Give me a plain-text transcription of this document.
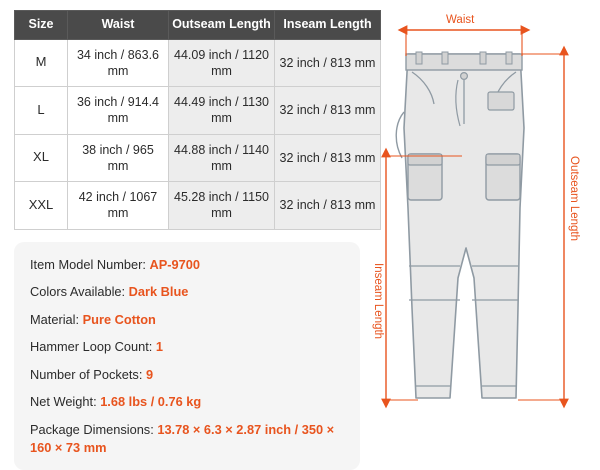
Size	Waist	Outseam Length	Inseam Length
M	34 inch / 863.6 mm	44.09 inch / 1120 mm	32 inch / 813 mm
L	36 inch / 914.4 mm	44.49 inch / 1130 mm	32 inch / 813 mm
XL	38 inch / 965 mm	44.88 inch / 1140 mm	32 inch / 813 mm
XXL	42 inch / 1067 mm	45.28 inch / 1150 mm	32 inch / 813 mm
Item Model Number: AP-9700
Colors Available: Dark Blue
Material: Pure Cotton
Hammer Loop Count: 1
Number of Pockets: 9
Net Weight: 1.68 lbs / 0.76 kg
Package Dimensions: 13.78 × 6.3 × 2.87 inch / 350 × 160 × 73 mm
Waist
Outseam Length
Inseam Length
